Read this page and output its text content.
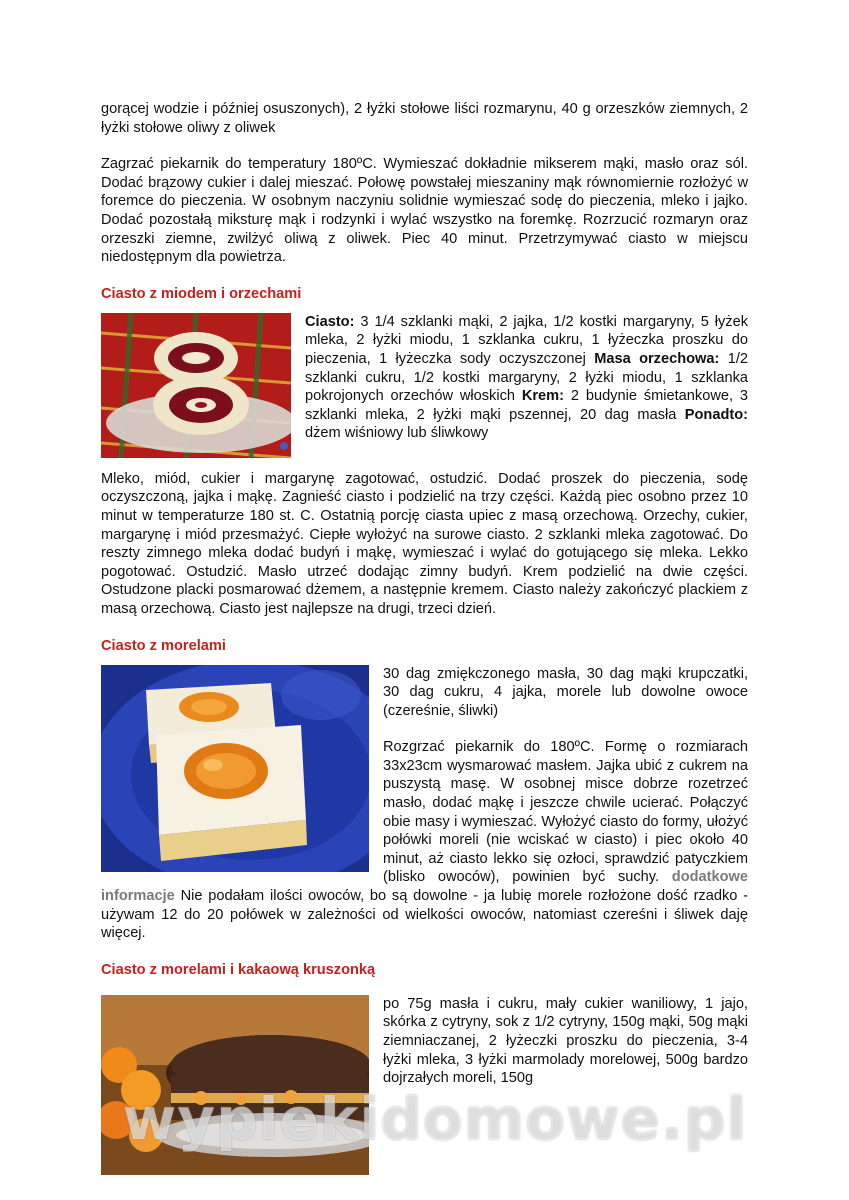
gorącej wodzie i później osuszonych), 2 łyżki stołowe liści rozmarynu, 40 g orzeszków ziemnych, 2 łyżki stołowe oliwy z oliwek

Zagrzać piekarnik do temperatury 180ºC. Wymieszać dokładnie mikserem mąki, masło oraz sól. Dodać brązowy cukier i dalej mieszać. Połowę powstałej mieszaniny mąk równomiernie rozłożyć w foremce do pieczenia. W osobnym naczyniu solidnie wymieszać sodę do pieczenia, mleko i jajko. Dodać pozostałą miksturę mąk i rodzynki i wylać wszystko na foremkę. Rozrzucić rozmaryn oraz orzeszki ziemne, zwilżyć oliwą z oliwek. Piec 40 minut. Przetrzymywać ciasto w miejscu niedostępnym dla powietrza.

Ciasto z miodem i orzechami

Ciasto: 3 1/4 szklanki mąki, 2 jajka, 1/2 kostki margaryny, 5 łyżek mleka, 2 łyżki miodu, 1 szklanka cukru, 1 łyżeczka proszku do pieczenia, 1 łyżeczka sody oczyszczonej Masa orzechowa: 1/2 szklanki cukru, 1/2 kostki margaryny, 2 łyżki miodu, 1 szklanka pokrojonych orzechów włoskich Krem: 2 budynie śmietankowe, 3 szklanki mleka, 2 łyżki mąki pszennej, 20 dag masła Ponadto: dżem wiśniowy lub śliwkowy

Mleko, miód, cukier i margarynę zagotować, ostudzić. Dodać proszek do pieczenia, sodę oczyszczoną, jajka i mąkę. Zagnieść ciasto i podzielić na trzy części. Każdą piec osobno przez 10 minut w temperaturze 180 st. C. Ostatnią porcję ciasta upiec z masą orzechową. Orzechy, cukier, margarynę i miód przesmażyć. Ciepłe wyłożyć na surowe ciasto. 2 szklanki mleka zagotować. Do reszty zimnego mleka dodać budyń i mąkę, wymieszać i wylać do gotującego się mleka. Lekko pogotować. Ostudzić. Masło utrzeć dodając zimny budyń. Krem podzielić na dwie części. Ostudzone placki posmarować dżemem, a następnie kremem. Ciasto należy zakończyć plackiem z masą orzechową. Ciasto jest najlepsze na drugi, trzeci dzień.

Ciasto z morelami

30 dag zmiękczonego masła, 30 dag mąki krupczatki, 30 dag cukru, 4 jajka, morele lub dowolne owoce (czereśnie, śliwki)

Rozgrzać piekarnik do 180ºC. Formę o rozmiarach 33x23cm wysmarować masłem. Jajka ubić z cukrem na puszystą masę. W osobnej misce dobrze rozetrzeć masło, dodać mąkę i jeszcze chwile ucierać. Połączyć obie masy i wymieszać. Wyłożyć ciasto do formy, ułożyć połówki moreli (nie wciskać w ciasto) i piec około 40 minut, aż ciasto lekko się ozłoci, sprawdzić patyczkiem (blisko owoców), powinien być suchy. dodatkowe informacje Nie podałam ilości owoców, bo są dowolne - ja lubię morele rozłożone dość rzadko - używam 12 do 20 połówek w zależności od wielkości owoców, natomiast czereśni i śliwek daję więcej.

Ciasto z morelami i kakaową kruszonką

po 75g masła i cukru, mały cukier waniliowy, 1 jajo, skórka z cytryny, sok z 1/2 cytryny, 150g mąki, 50g mąki ziemniaczanej, 2 łyżeczki proszku do pieczenia, 3-4 łyżki mleka, 3 łyżki marmolady morelowej, 500g bardzo dojrzałych moreli, 150g

wypiekidomowe.pl
